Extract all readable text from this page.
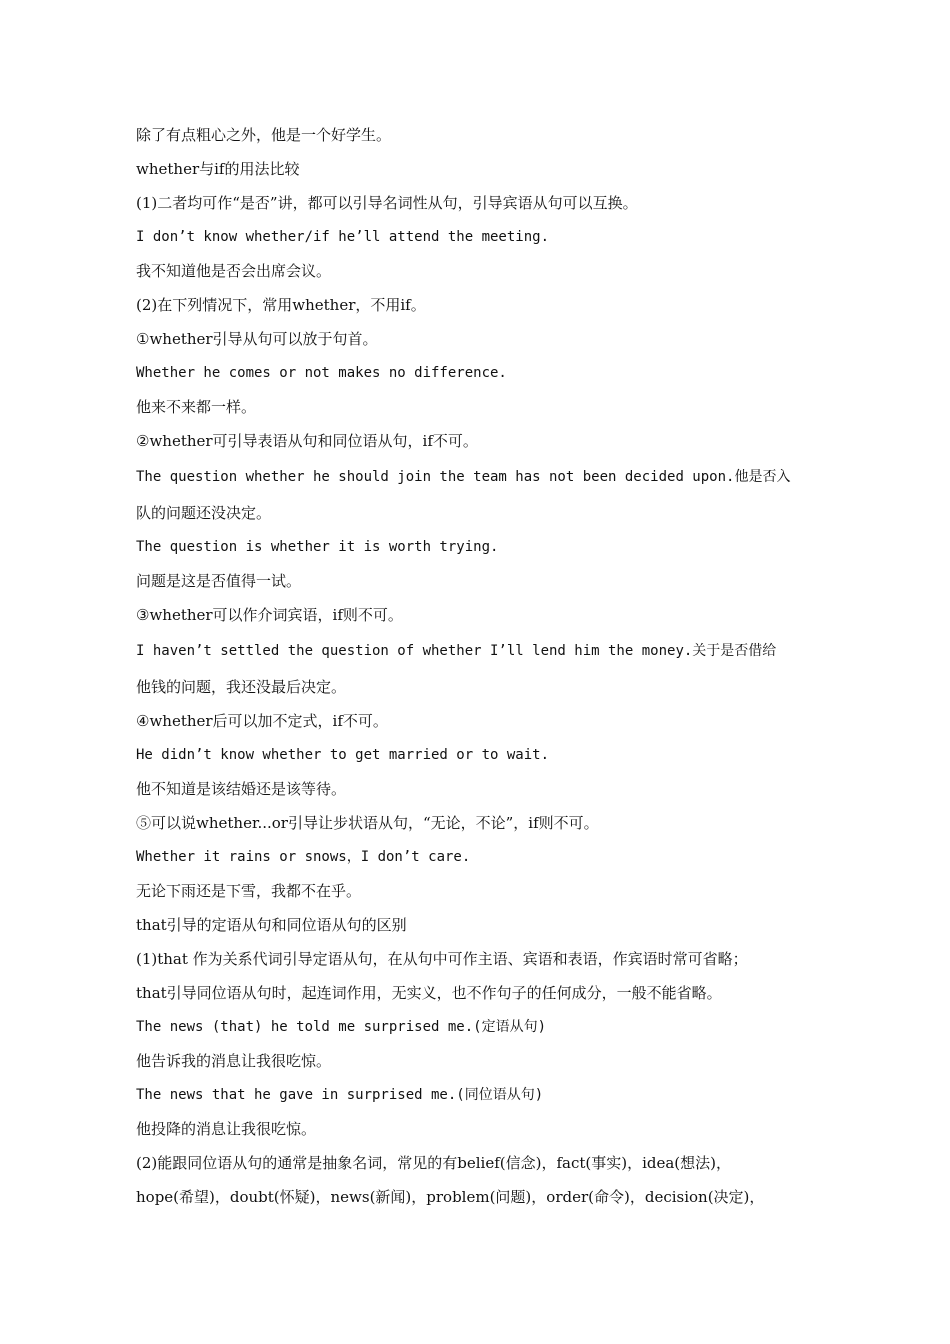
除了有点粗心之外，他是一个好学生。
whether与if的用法比较
(1)二者均可作“是否”讲，都可以引导名词性从句，引导宾语从句可以互换。
I don’t know whether/if he’ll attend the meeting.
我不知道他是否会出席会议。
(2)在下列情况下，常用whether，不用if。
①whether引导从句可以放于句首。
Whether he comes or not makes no difference.
他来不来都一样。
②whether可引导表语从句和同位语从句，if不可。
The question whether he should join the team has not been decided upon.他是否入
队的问题还没决定。
The question is whether it is worth trying.
问题是这是否值得一试。
③whether可以作介词宾语，if则不可。
I haven’t settled the question of whether I’ll lend him the money.关于是否借给
他钱的问题，我还没最后决定。
④whether后可以加不定式，if不可。
He didn’t know whether to get married or to wait.
他不知道是该结婚还是该等待。
⑤可以说whether...or引导让步状语从句，“无论，不论”，if则不可。
Whether it rains or snows，I don’t care.
无论下雨还是下雪，我都不在乎。
that引导的定语从句和同位语从句的区别
(1)that 作为关系代词引导定语从句，在从句中可作主语、宾语和表语，作宾语时常可省略；
that引导同位语从句时，起连词作用，无实义，也不作句子的任何成分，一般不能省略。
The news (that) he told me surprised me.(定语从句)
他告诉我的消息让我很吃惊。
The news that he gave in surprised me.(同位语从句)
他投降的消息让我很吃惊。
(2)能跟同位语从句的通常是抽象名词，常见的有belief(信念)，fact(事实)，idea(想法)，
hope(希望)，doubt(怀疑)，news(新闻)，problem(问题)，order(命令)，decision(决定)，
